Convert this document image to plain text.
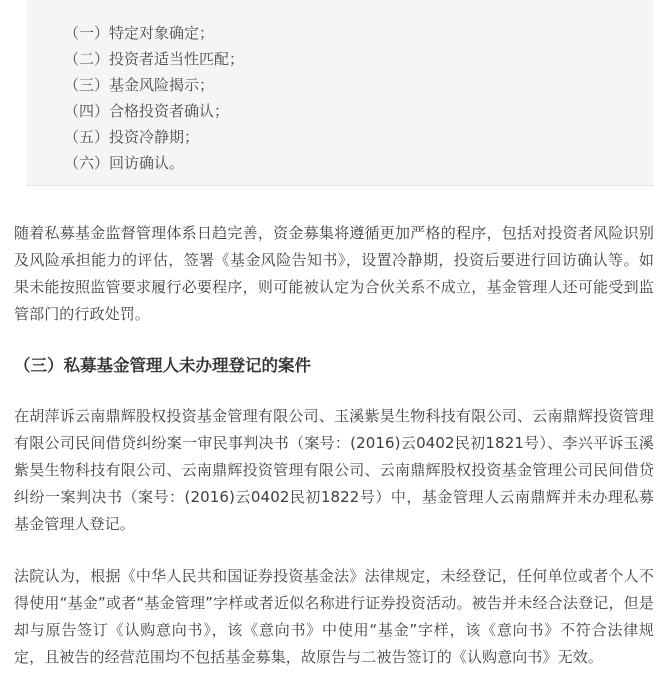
（一）特定对象确定；
（二）投资者适当性匹配；
（三）基金风险揭示；
（四）合格投资者确认；
（五）投资冷静期；
（六）回访确认。

随着私募基金监督管理体系日趋完善，资金募集将遵循更加严格的程序，包括对投资者风险识别及风险承担能力的评估，签署《基金风险告知书》，设置冷静期，投资后要进行回访确认等。如果未能按照监管要求履行必要程序，则可能被认定为合伙关系不成立，基金管理人还可能受到监管部门的行政处罚。

（三）私募基金管理人未办理登记的案件

在胡萍诉云南鼎辉股权投资基金管理有限公司、玉溪紫昊生物科技有限公司、云南鼎辉投资管理有限公司民间借贷纠纷案一审民事判决书（案号：(2016)云0402民初1821号）、李兴平诉玉溪紫昊生物科技有限公司、云南鼎辉投资管理有限公司、云南鼎辉股权投资基金管理公司民间借贷纠纷一案判决书（案号：(2016)云0402民初1822号）中，基金管理人云南鼎辉并未办理私募基金管理人登记。

法院认为，根据《中华人民共和国证券投资基金法》法律规定，未经登记，任何单位或者个人不得使用“基金”或者“基金管理”字样或者近似名称进行证券投资活动。被告并未经合法登记，但是却与原告签订《认购意向书》，该《意向书》中使用“基金”字样，该《意向书》不符合法律规定，且被告的经营范围均不包括基金募集，故原告与二被告签订的《认购意向书》无效。
